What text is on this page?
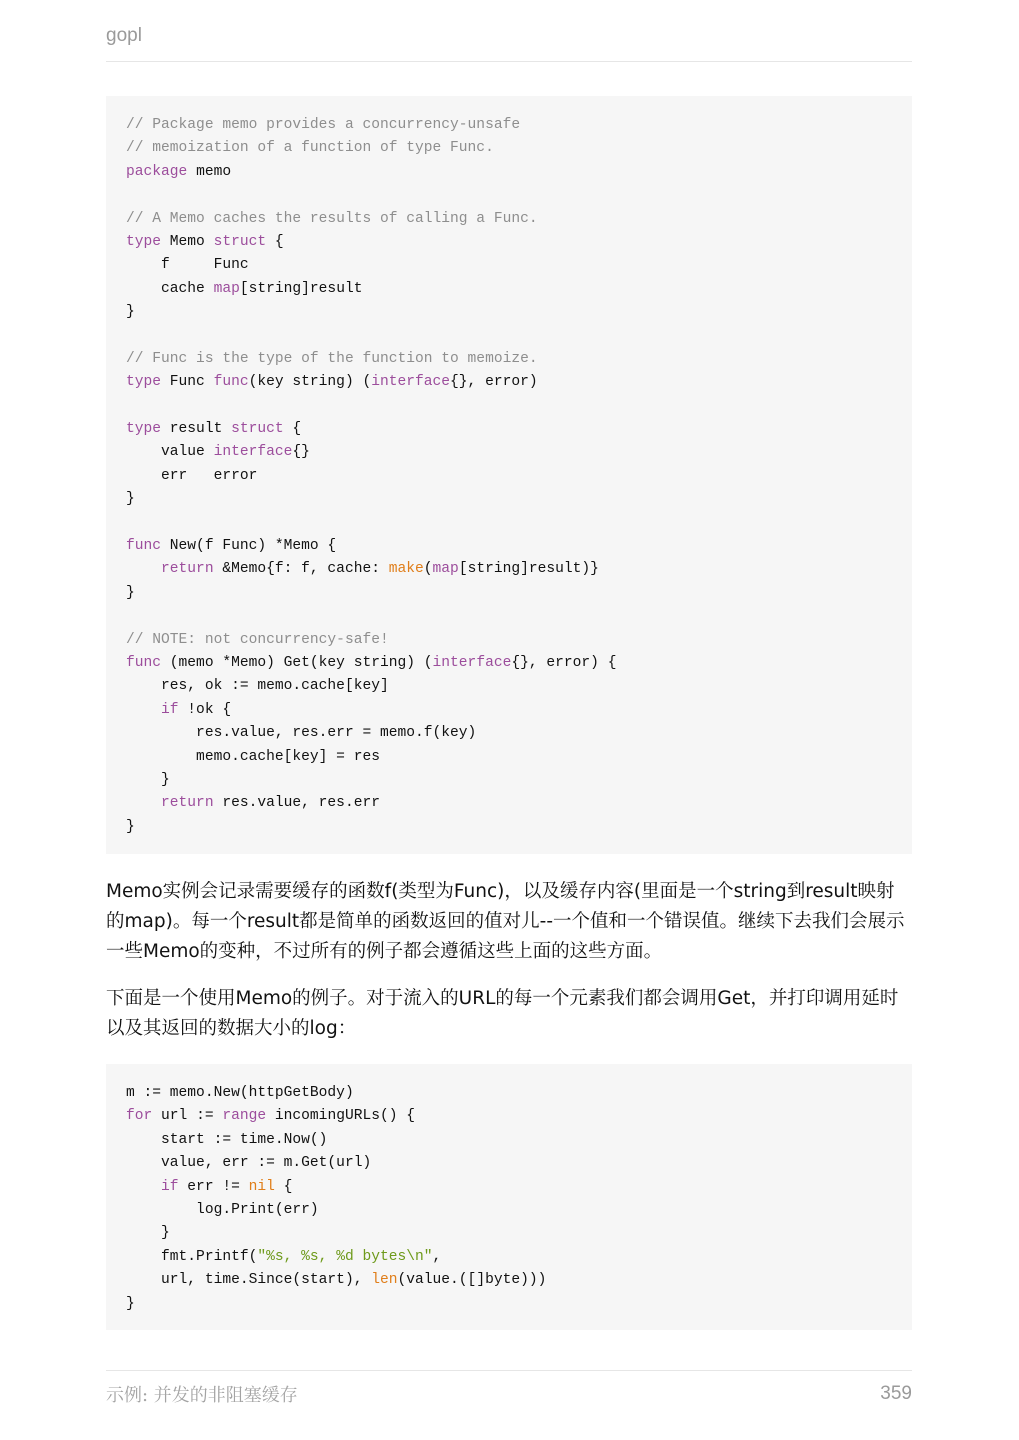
gopl
// Package memo provides a concurrency-unsafe
// memoization of a function of type Func.
package memo
// A Memo caches the results of calling a Func.
type Memo struct {
f     Func
cache map[string]result
}
// Func is the type of the function to memoize.
type Func func(key string) (interface{}, error)
type result struct {
value interface{}
err   error
}
func New(f Func) *Memo {
return &Memo{f: f, cache: make(map[string]result)}
}
// NOTE: not concurrency-safe!
func (memo *Memo) Get(key string) (interface{}, error) {
res, ok := memo.cache[key]
if !ok {
res.value, res.err = memo.f(key)
memo.cache[key] = res
}
return res.value, res.err
}

Memo实例会记录需要缓存的函数f(类型为Func)，以及缓存内容(里面是一个string到result映射的map)。每一个result都是简单的函数返回的值对儿--一个值和一个错误值。继续下去我们会展示一些Memo的变种，不过所有的例子都会遵循这些上面的这些方面。

下面是一个使用Memo的例子。对于流入的URL的每一个元素我们都会调用Get，并打印调用延时以及其返回的数据大小的log：

m := memo.New(httpGetBody)
for url := range incomingURLs() {
start := time.Now()
value, err := m.Get(url)
if err != nil {
log.Print(err)
}
fmt.Printf("%s, %s, %d bytes\n",
url, time.Since(start), len(value.([]byte)))
}
示例: 并发的非阻塞缓存	359
